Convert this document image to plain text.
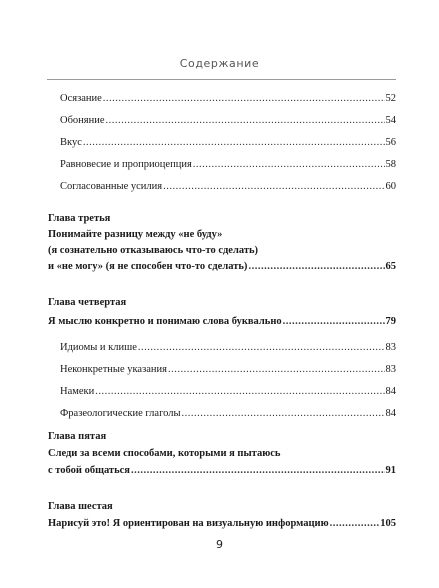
Содержание
Осязание .....	52
Обоняние .....	54
Вкус .....	56
Равновесие и проприоцепция .....	58
Согласованные усилия .....	60
Глава третья
Понимайте разницу между «не буду»
(я сознательно отказываюсь что-то сделать)
и «не могу» (я не способен что-то сделать) .....	65
Глава четвертая
Я мыслю конкретно и понимаю слова буквально .....	79
Идиомы и клише .....	83
Неконкретные указания .....	83
Намеки .....	84
Фразеологические глаголы .....	84
Глава пятая
Следи за всеми способами, которыми я пытаюсь
с тобой общаться .....	91
Глава шестая
Нарисуй это! Я ориентирован на визуальную информацию .....	105
9
